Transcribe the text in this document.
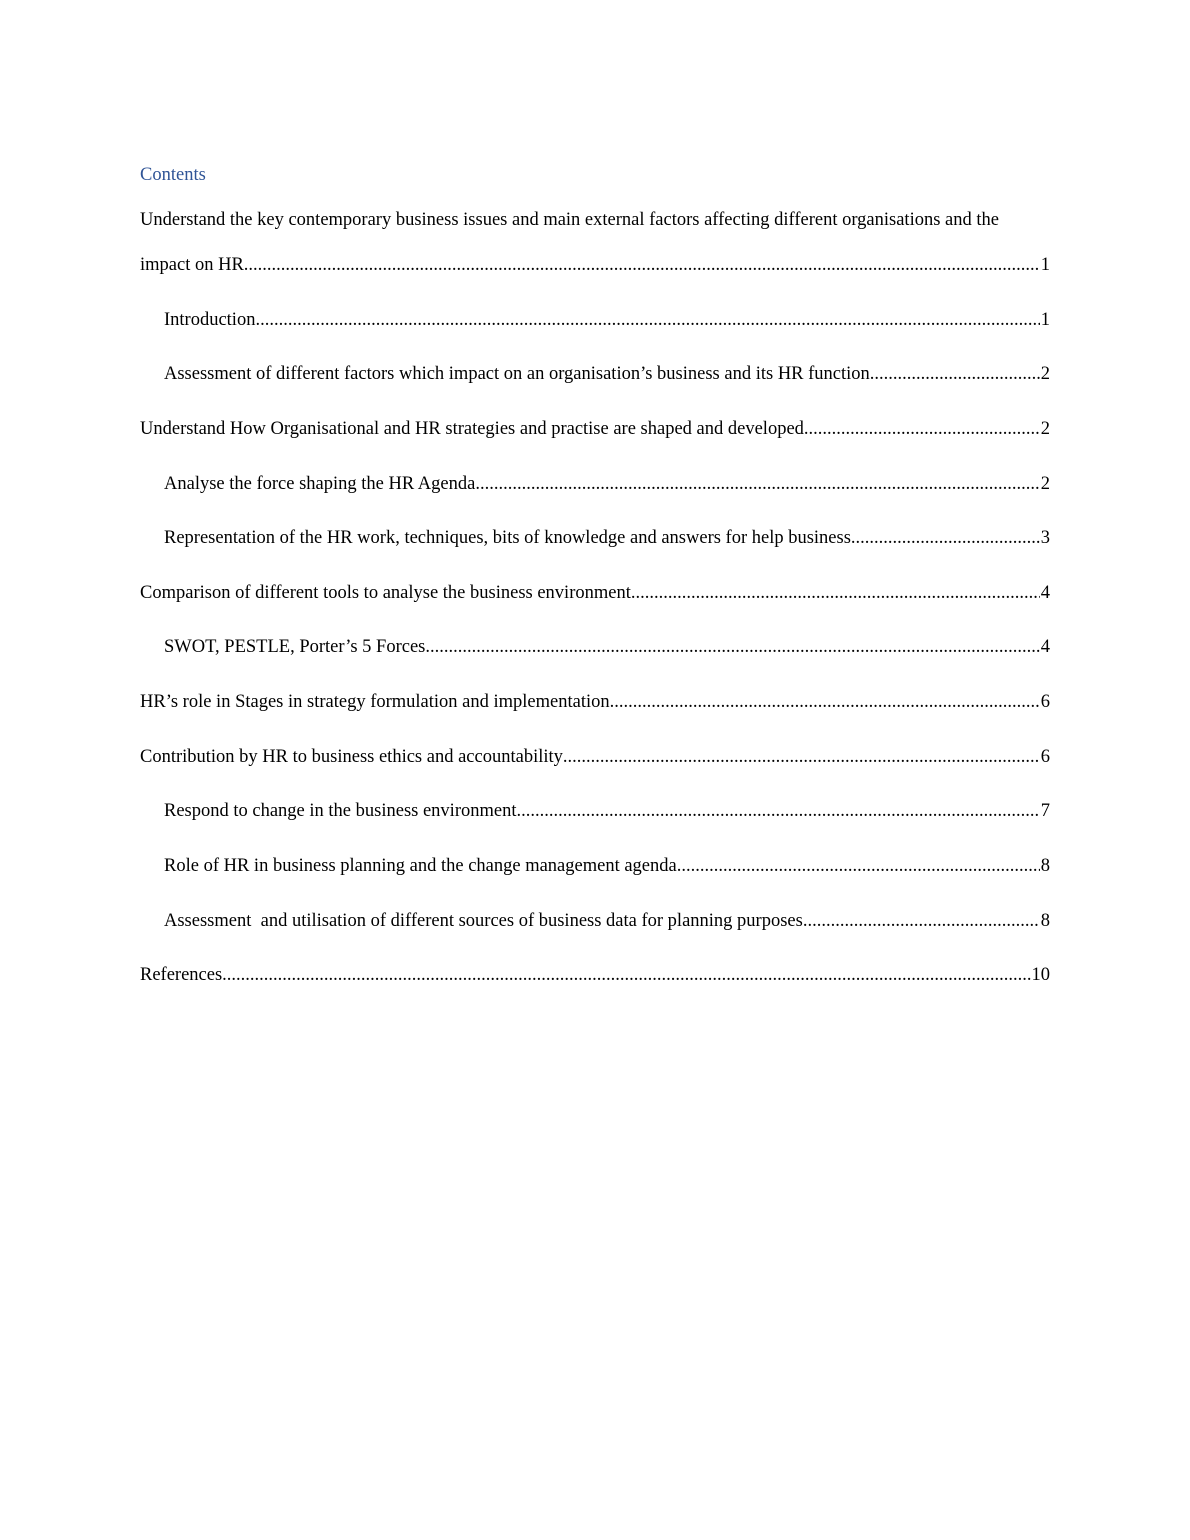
Contents
Understand the key contemporary business issues and main external factors affecting different organisations and the
impact on HR .....	1
Introduction .....	1
Assessment of different factors which impact on an organisation’s business and its HR function .....	2
Understand How Organisational and HR strategies and practise are shaped and developed .....	2
Analyse the force shaping the HR Agenda .....	2
Representation of the HR work, techniques, bits of knowledge and answers for help business .....	3
Comparison of different tools to analyse the business environment .....	4
SWOT, PESTLE, Porter’s 5 Forces .....	4
HR’s role in Stages in strategy formulation and implementation .....	6
Contribution by HR to business ethics and accountability .....	6
Respond to change in the business environment .....	7
Role of HR in business planning and the change management agenda .....	8
Assessment  and utilisation of different sources of business data for planning purposes .....	8
References .....	10
